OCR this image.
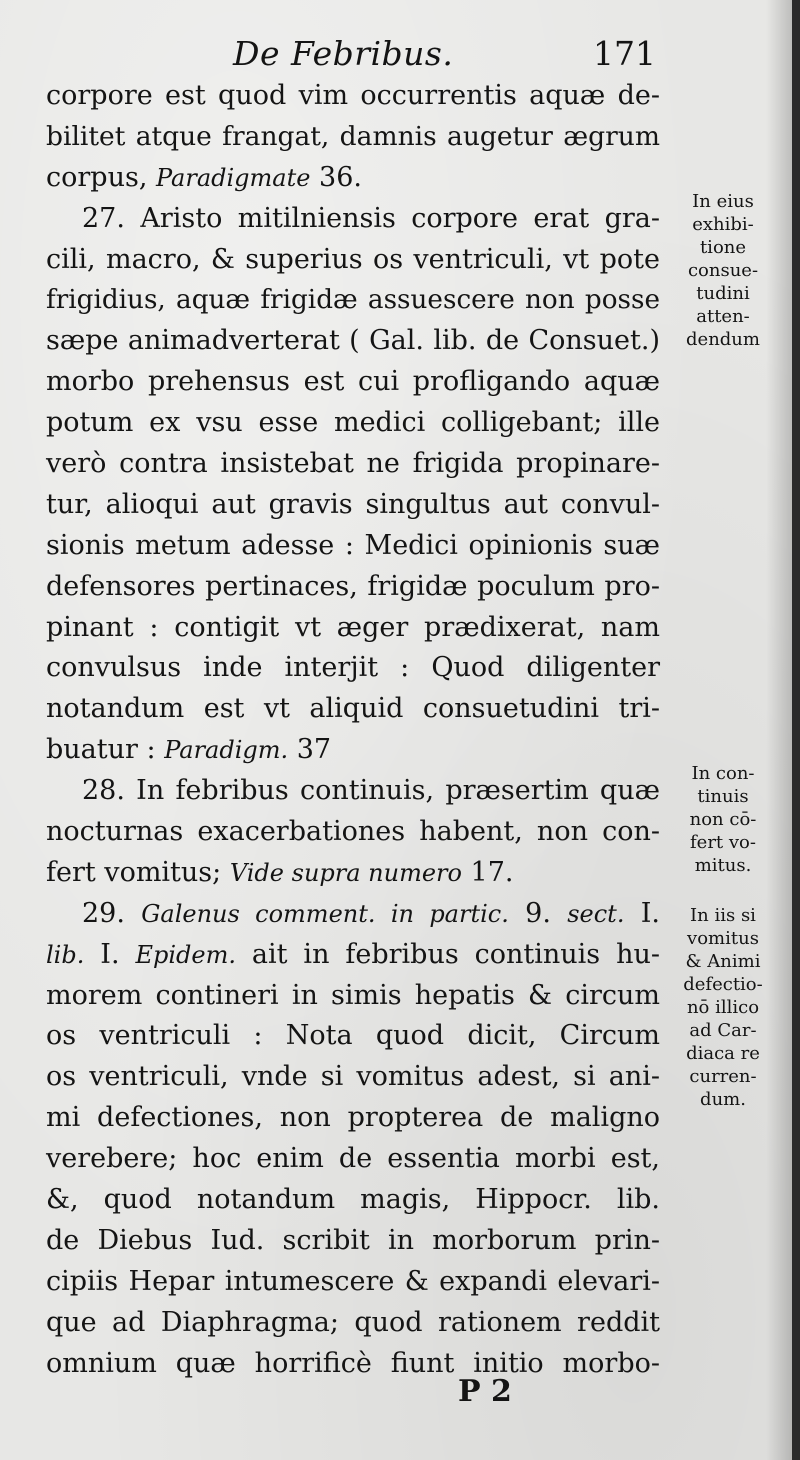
De Febribus.	171
corpore est quod vim occurrentis aquæ de-
bilitet atque frangat, damnis augetur ægrum
corpus, Paradigmate 36.
27. Aristo mitilniensis corpore erat gra-
cili, macro, & superius os ventriculi, vt pote
frigidius, aquæ frigidæ assuescere non posse
sæpe animadverterat ( Gal. lib. de Consuet.)
morbo prehensus est cui profligando aquæ
potum ex vsu esse medici colligebant; ille
verò contra insistebat ne frigida propinare-
tur, alioqui aut gravis singultus aut convul-
sionis metum adesse : Medici opinionis suæ
defensores pertinaces, frigidæ poculum pro-
pinant : contigit vt æger prædixerat, nam
convulsus inde interjit : Quod diligenter
notandum est vt aliquid consuetudini tri-
buatur : Paradigm. 37
28. In febribus continuis, præsertim quæ
nocturnas exacerbationes habent, non con-
fert vomitus; Vide supra numero 17.
29. Galenus comment. in partic. 9. sect. I.
lib. I. Epidem. ait in febribus continuis hu-
morem contineri in simis hepatis & circum
os ventriculi : Nota quod dicit, Circum
os ventriculi, vnde si vomitus adest, si ani-
mi defectiones, non propterea de maligno
verebere; hoc enim de essentia morbi est,
&, quod notandum magis, Hippocr. lib.
de Diebus Iud. scribit in morborum prin-
cipiis Hepar intumescere & expandi elevari-
que ad Diaphragma; quod rationem reddit
omnium quæ horrificè fiunt initio morbo-
In eius
exhibi-
tione
consue-
tudini
atten-
dendum
In con-
tinuis
non cō-
fert vo-
mitus.
In iis si
vomitus
& Animi
defectio-
nō illico
ad Car-
diaca re
curren-
dum.
P 2
